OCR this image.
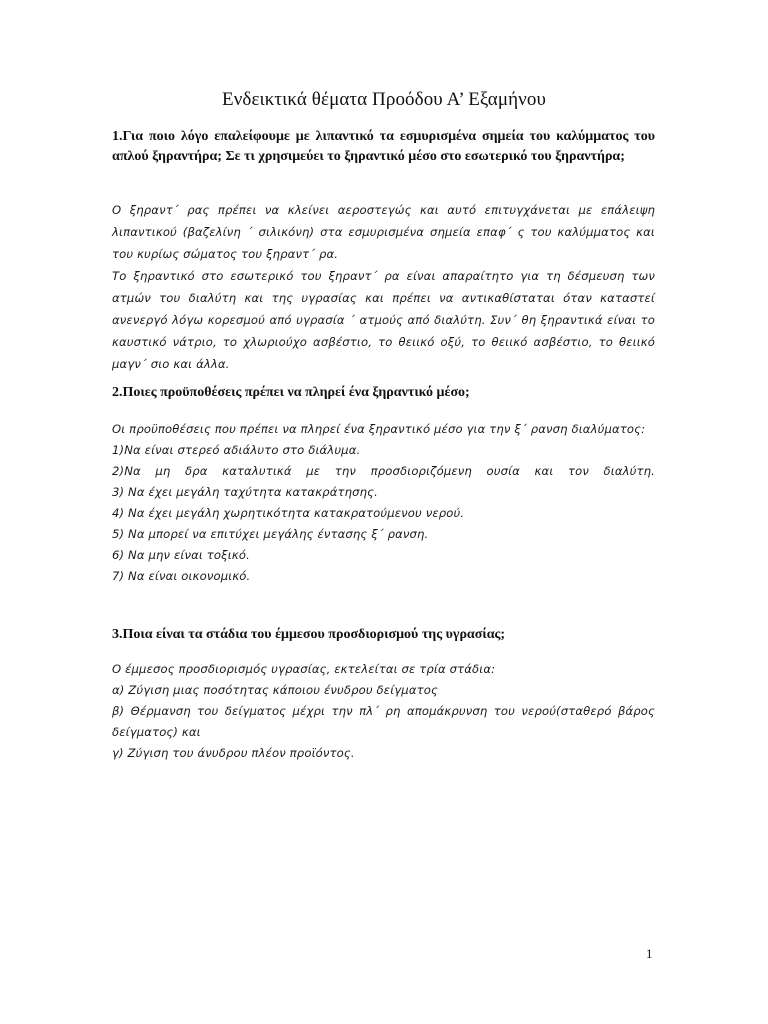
Ενδεικτικά θέματα Προόδου Α’ Εξαμήνου

1.Για ποιο λόγο επαλείφουμε με λιπαντικό τα εσμυρισμένα σημεία του καλύμματος του απλού ξηραντήρα; Σε τι χρησιμεύει το ξηραντικό μέσο στο εσωτερικό του ξηραντήρα;

Ο ξηραντ΄ ρας πρέπει να κλείνει αεροστεγώς και αυτό επιτυγχάνεται με επάλειψη λιπαντικού (βαζελίνη ΄ σιλικόνη) στα εσμυρισμένα σημεία επαφ΄ ς του καλύμματος και του κυρίως σώματος του ξηραντ΄ ρα.

Το ξηραντικό στο εσωτερικό του ξηραντ΄ ρα είναι απαραίτητο για τη δέσμευση των ατμών του διαλύτη και της υγρασίας και πρέπει να αντικαθίσταται όταν καταστεί ανενεργό λόγω κορεσμού από υγρασία ΄ ατμούς από διαλύτη. Συν΄ θη ξηραντικά είναι το καυστικό νάτριο, το χλωριούχο ασβέστιο, το θειικό οξύ, το θειικό ασβέστιο, το θειικό μαγν΄ σιο και άλλα.

2.Ποιες προϋποθέσεις πρέπει να πληρεί ένα ξηραντικό μέσο;

Οι προϋποθέσεις που πρέπει να πληρεί ένα ξηραντικό μέσο για την ξ΄ ρανση διαλύματος:

1)Να είναι στερεό αδιάλυτο στο διάλυμα.

2)Να μη δρα καταλυτικά με την προσδιοριζόμενη ουσία και τον διαλύτη.

3) Να έχει μεγάλη ταχύτητα κατακράτησης.

4) Να έχει μεγάλη χωρητικότητα κατακρατούμενου νερού.

5) Να μπορεί να επιτύχει μεγάλης έντασης ξ΄ ρανση.

6) Να μην είναι τοξικό.

7) Να είναι οικονομικό.

3.Ποια είναι τα στάδια του έμμεσου προσδιορισμού της υγρασίας;

Ο έμμεσος προσδιορισμός υγρασίας, εκτελείται σε τρία στάδια:

α) Ζύγιση μιας ποσότητας κάποιου ένυδρου δείγματος

β) Θέρμανση του δείγματος μέχρι την πλ΄ ρη απομάκρυνση του νερού(σταθερό βάρος δείγματος) και

γ) Ζύγιση του άνυδρου πλέον προϊόντος.

1
